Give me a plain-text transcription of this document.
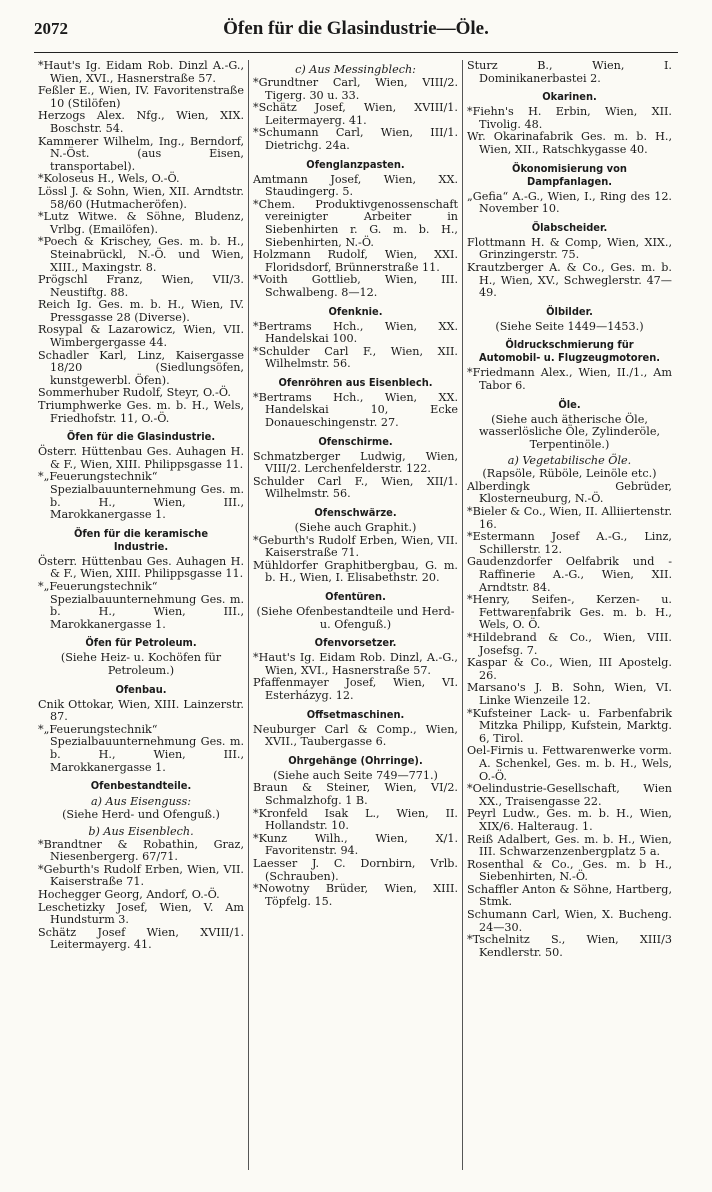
2072	Öfen für die Glasindustrie—Öle.
*Haut's Ig. Eidam Rob. Dinzl A.-G., Wien, XVI., Hasnerstraße 57.
Feßler E., Wien, IV. Favoritenstraße 10 (Stilöfen)
Herzogs Alex. Nfg., Wien, XIX. Boschstr. 54.
Kammerer Wilhelm, Ing., Berndorf, N.-Öst. (aus Eisen, transportabel).
*Koloseus H., Wels, O.-Ö.
Lössl J. & Sohn, Wien, XII. Arndtstr. 58/60 (Hutmacheröfen).
*Lutz Witwe. & Söhne, Bludenz, Vrlbg. (Emailöfen).
*Poech & Krischey, Ges. m. b. H., Steinabrückl, N.-Ö. und Wien, XIII., Maxingstr. 8.
Prögschl Franz, Wien, VII/3. Neustiftg. 88.
Reich Ig. Ges. m. b. H., Wien, IV. Pressgasse 28 (Diverse).
Rosypal & Lazarowicz, Wien, VII. Wimbergergasse 44.
Schadler Karl, Linz, Kaisergasse 18/20 (Siedlungsöfen, kunstgewerbl. Öfen).
Sommerhuber Rudolf, Steyr, O.-Ö.
Triumphwerke Ges. m. b. H., Wels, Friedhofstr. 11, O.-Ö.
Öfen für die Glasindustrie.
Österr. Hüttenbau Ges. Auhagen H. & F., Wien, XIII. Philippsgasse 11.
*„Feuerungstechnik“ Spezialbauunternehmung Ges. m. b. H., Wien, III., Marokkanergasse 1.
Öfen für die keramische Industrie.
Österr. Hüttenbau Ges. Auhagen H. & F., Wien, XIII. Philippsgasse 11.
*„Feuerungstechnik“ Spezialbauunternehmung Ges. m. b. H., Wien, III., Marokkanergasse 1.
Öfen für Petroleum.
(Siehe Heiz- u. Kochöfen für Petroleum.)
Ofenbau.
Cnik Ottokar, Wien, XIII. Lainzerstr. 87.
*„Feuerungstechnik“ Spezialbauunternehmung Ges. m. b. H., Wien, III., Marokkanergasse 1.
Ofenbestandteile.
a) Aus Eisenguss:
(Siehe Herd- und Ofenguß.)
b) Aus Eisenblech.
*Brandtner & Robathin, Graz, Niesenbergerg. 67/71.
*Geburth's Rudolf Erben, Wien, VII. Kaiserstraße 71.
Hochegger Georg, Andorf, O.-Ö.
Leschetizky Josef, Wien, V. Am Hundsturm 3.
Schätz Josef Wien, XVIII/1. Leitermayerg. 41.
c) Aus Messingblech:
*Grundtner Carl, Wien, VIII/2. Tigerg. 30 u. 33.
*Schätz Josef, Wien, XVIII/1. Leitermayerg. 41.
*Schumann Carl, Wien, III/1. Dietrichg. 24a.
Ofenglanzpasten.
Amtmann Josef, Wien, XX. Staudingerg. 5.
*Chem. Produktivgenossenschaft vereinigter Arbeiter in Siebenhirten r. G. m. b. H., Siebenhirten, N.-Ö.
Holzmann Rudolf, Wien, XXI. Floridsdorf, Brünnerstraße 11.
*Voith Gottlieb, Wien, III. Schwalbeng. 8—12.
Ofenknie.
*Bertrams Hch., Wien, XX. Handelskai 100.
*Schulder Carl F., Wien, XII. Wilhelmstr. 56.
Ofenröhren aus Eisenblech.
*Bertrams Hch., Wien, XX. Handelskai 10, Ecke Donaueschingenstr. 27.
Ofenschirme.
Schmatzberger Ludwig, Wien, VIII/2. Lerchenfelderstr. 122.
Schulder Carl F., Wien, XII/1. Wilhelmstr. 56.
Ofenschwärze.
(Siehe auch Graphit.)
*Geburth's Rudolf Erben, Wien, VII. Kaiserstraße 71.
Mühldorfer Graphitbergbau, G. m. b. H., Wien, I. Elisabethstr. 20.
Ofentüren.
(Siehe Ofenbestandteile und Herd- u. Ofenguß.)
Ofenvorsetzer.
*Haut's Ig. Eidam Rob. Dinzl, A.-G., Wien, XVI., Hasnerstraße 57.
Pfaffenmayer Josef, Wien, VI. Esterházyg. 12.
Offsetmaschinen.
Neuburger Carl & Comp., Wien, XVII., Taubergasse 6.
Ohrgehänge (Ohrringe).
(Siehe auch Seite 749—771.)
Braun & Steiner, Wien, VI/2. Schmalzhofg. 1 B.
*Kronfeld Isak L., Wien, II. Hollandstr. 10.
*Kunz Wilh., Wien, X/1. Favoritenstr. 94.
Laesser J. C. Dornbirn, Vrlb. (Schrauben).
*Nowotny Brüder, Wien, XIII. Töpfelg. 15.
Sturz B., Wien, I. Dominikanerbastei 2.
Okarinen.
*Fiehn's H. Erbin, Wien, XII. Tivolig. 48.
Wr. Okarinafabrik Ges. m. b. H., Wien, XII., Ratschkygasse 40.
Ökonomisierung von Dampfanlagen.
„Gefia“ A.-G., Wien, I., Ring des 12. November 10.
Ölabscheider.
Flottmann H. & Comp, Wien, XIX., Grinzingerstr. 75.
Krautzberger A. & Co., Ges. m. b. H., Wien, XV., Schweglerstr. 47—49.
Ölbilder.
(Siehe Seite 1449—1453.)
Öldruckschmierung für Automobil- u. Flugzeugmotoren.
*Friedmann Alex., Wien, II./1., Am Tabor 6.
Öle.
(Siehe auch ätherische Öle, wasserlösliche Öle, Zylinderöle, Terpentinöle.)
a) Vegetabilische Öle.
(Rapsöle, Rüböle, Leinöle etc.)
Alberdingk Gebrüder, Klosterneuburg, N.-Ö.
*Bieler & Co., Wien, II. Alliiertenstr. 16.
*Estermann Josef A.-G., Linz, Schillerstr. 12.
Gaudenzdorfer Oelfabrik und -Raffinerie A.-G., Wien, XII. Arndtstr. 84.
*Henry, Seifen-, Kerzen- u. Fettwarenfabrik Ges. m. b. H., Wels, O. Ö.
*Hildebrand & Co., Wien, VIII. Josefsg. 7.
Kaspar & Co., Wien, III Apostelg. 26.
Marsano's J. B. Sohn, Wien, VI. Linke Wienzeile 12.
*Kufsteiner Lack- u. Farbenfabrik Mitzka Philipp, Kufstein, Marktg. 6, Tirol.
Oel-Firnis u. Fettwarenwerke vorm. A. Schenkel, Ges. m. b. H., Wels, O.-Ö.
*Oelindustrie-Gesellschaft, Wien XX., Traisengasse 22.
Peyrl Ludw., Ges. m. b. H., Wien, XIX/6. Halteraug. 1.
Reiß Adalbert, Ges. m. b. H., Wien, III. Schwarzenzenbergplatz 5 a.
Rosenthal & Co., Ges. m. b H., Siebenhirten, N.-Ö.
Schaffler Anton & Söhne, Hartberg, Stmk.
Schumann Carl, Wien, X. Bucheng. 24—30.
*Tschelnitz S., Wien, XIII/3 Kendlerstr. 50.
